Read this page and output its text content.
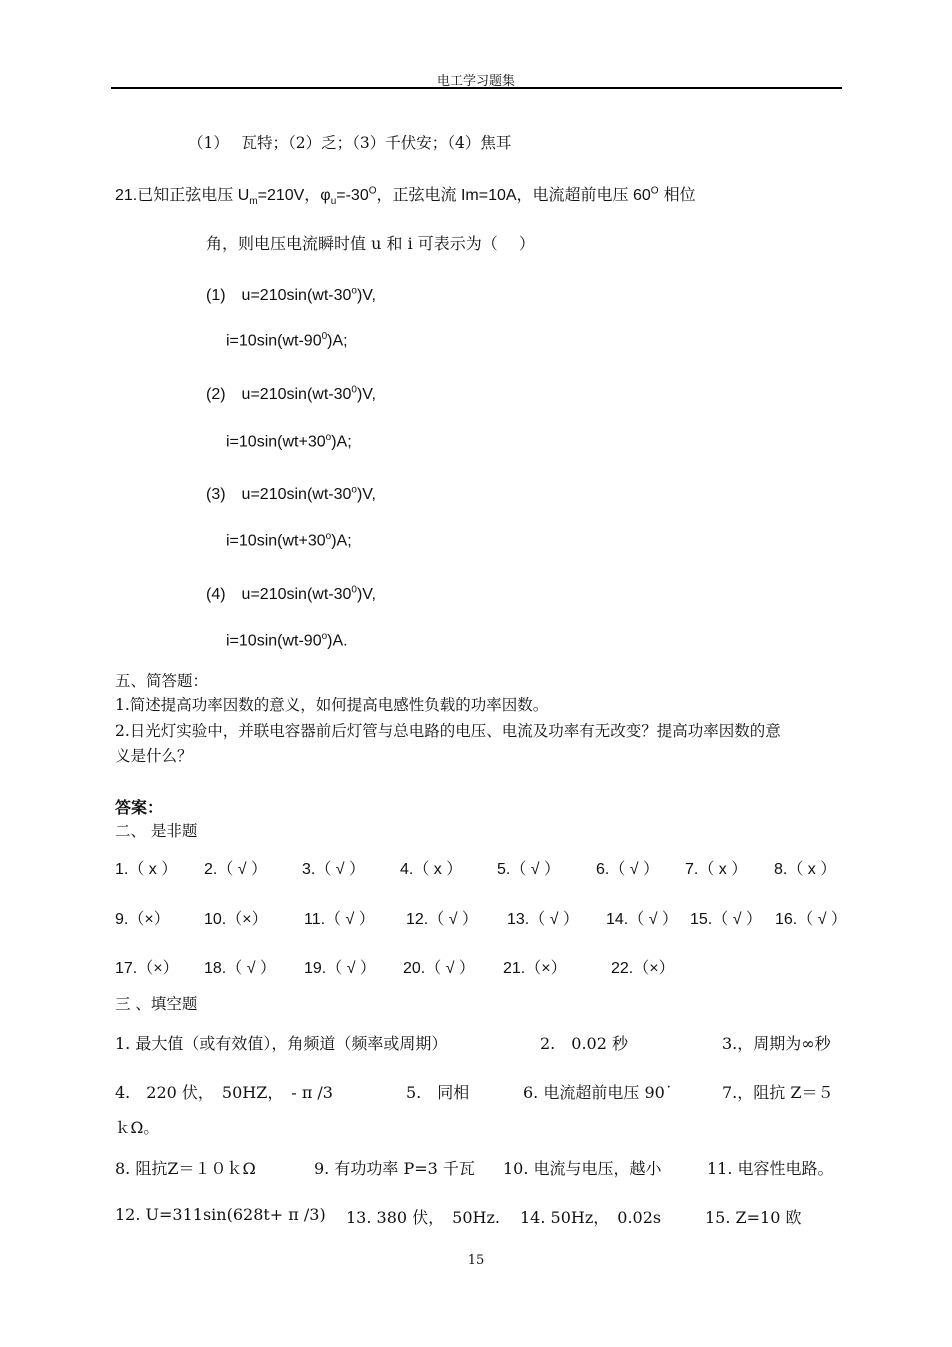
电工学习题集
（1）　 瓦特；（2）乏；（3）千伏安；（4）焦耳
21.已知正弦电压 $U_m=210V$，$\varphi_u=-30^O$，正弦电流 Im=10A，电流超前电压 $60^O$ 相位
角，则电压电流瞬时值 u 和 i 可表示为（　 ）
(1)　$u=210\sin(wt-30^o)V$,
$i=10\sin(wt-90^0)A$;
(2)　$u=210\sin(wt-30^0)V$,
$i=10\sin(wt+30^o)A$;
(3)　$u=210\sin(wt-30^o)V$,
$i=10\sin(wt+30^o)A$;
(4)　$u=210\sin(wt-30^0)V$,
$i=10\sin(wt-90^o)A$.
五、简答题：
1.简述提高功率因数的意义，如何提高电感性负载的功率因数。
2.日光灯实验中，并联电容器前后灯管与总电路的电压、电流及功率有无改变？提高功率因数的意
义是什么？
答案：
二、 是非题
1.（ x ） 2.（ √ ） 3.（ √ ） 4.（ x ） 5.（ √ ） 6.（ √ ） 7.（ x ） 8.（ x ）
9.（×） 10.（×） 11.（ √ ） 12.（ √ ） 13.（ √ ） 14.（ √ ） 15.（ √ ） 16.（ √ ）
17.（×） 18.（ √ ） 19.（ √ ） 20.（ √ ） 21.（×）	22.（×）
三 、填空题
1. 最大值（或有效值），角频道（频率或周期）	2.　0.02 秒	3.，周期为∞秒
4.　220 伏，　50HZ，　- π /3	5.　同相	6. 电流超前电压 90˙	7.，阻抗 Z＝５
ｋΩ。
8. 阻抗Z＝１０ｋΩ	9. 有功功率 P=3 千瓦 10. 电流与电压，越小	11. 电容性电路。
12. U=311sin(628t+ π /3) 13. 380 伏，　50Hz. 14. 50Hz，　0.02s	15. Z=10 欧
15
